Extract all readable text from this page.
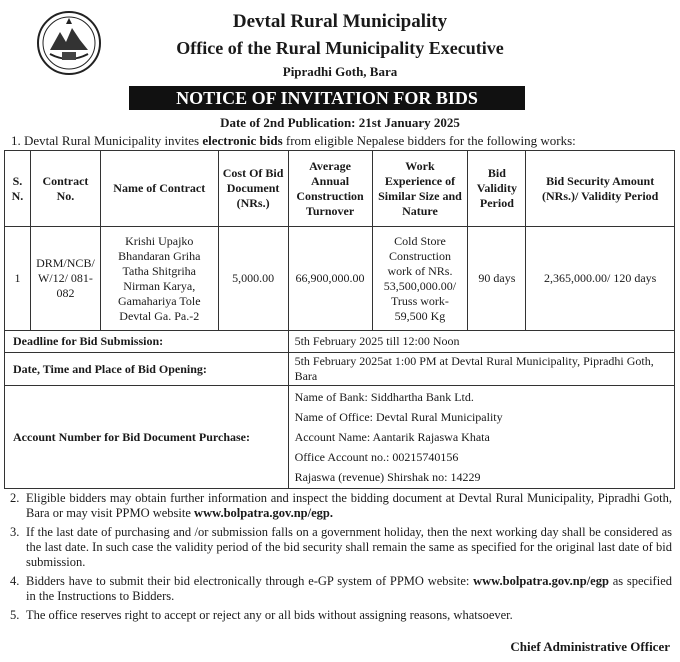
Devtal Rural Municipality
Office of the Rural Municipality Executive
Pipradhi Goth, Bara
NOTICE OF INVITATION FOR BIDS
Date of 2nd Publication: 21st January 2025
1. Devtal Rural Municipality invites electronic bids from eligible Nepalese bidders for the following works:
S. N.	Contract No.	Name of Contract	Cost Of Bid Document (NRs.)	Average Annual Construction Turnover	Work Experience of Similar Size and Nature	Bid Validity Period	Bid Security Amount (NRs.)/ Validity Period
1	DRM/NCB/ W/12/ 081-082	Krishi Upajko Bhandaran Griha Tatha Shitgriha Nirman Karya, Gamahariya Tole Devtal Ga. Pa.-2	5,000.00	66,900,000.00	Cold Store Construction work of NRs. 53,500,000.00/ Truss work- 59,500 Kg	90 days	2,365,000.00/ 120 days
Deadline for Bid Submission:				5th February 2025 till 12:00 Noon			
Date, Time and Place of Bid Opening:				5th February 2025at 1:00 PM at Devtal Rural Municipality, Pipradhi Goth, Bara			
Account Number for Bid Document Purchase:				Name of Bank: Siddhartha Bank Ltd.
Name of Office: Devtal Rural Municipality
Account Name: Aantarik Rajaswa Khata
Office Account no.: 00215740156
Rajaswa (revenue) Shirshak no: 14229			
2. Eligible bidders may obtain further information and inspect the bidding document at Devtal Rural Municipality, Pipradhi Goth, Bara or may visit PPMO website www.bolpatra.gov.np/egp.
3. If the last date of purchasing and /or submission falls on a government holiday, then the next working day shall be considered as the last date. In such case the validity period of the bid security shall remain the same as specified for the original last date of bid submission.
4. Bidders have to submit their bid electronically through e-GP system of PPMO website: www.bolpatra.gov.np/egp as specified in the Instructions to Bidders.
5. The office reserves right to accept or reject any or all bids without assigning reasons, whatsoever.
Chief Administrative Officer
